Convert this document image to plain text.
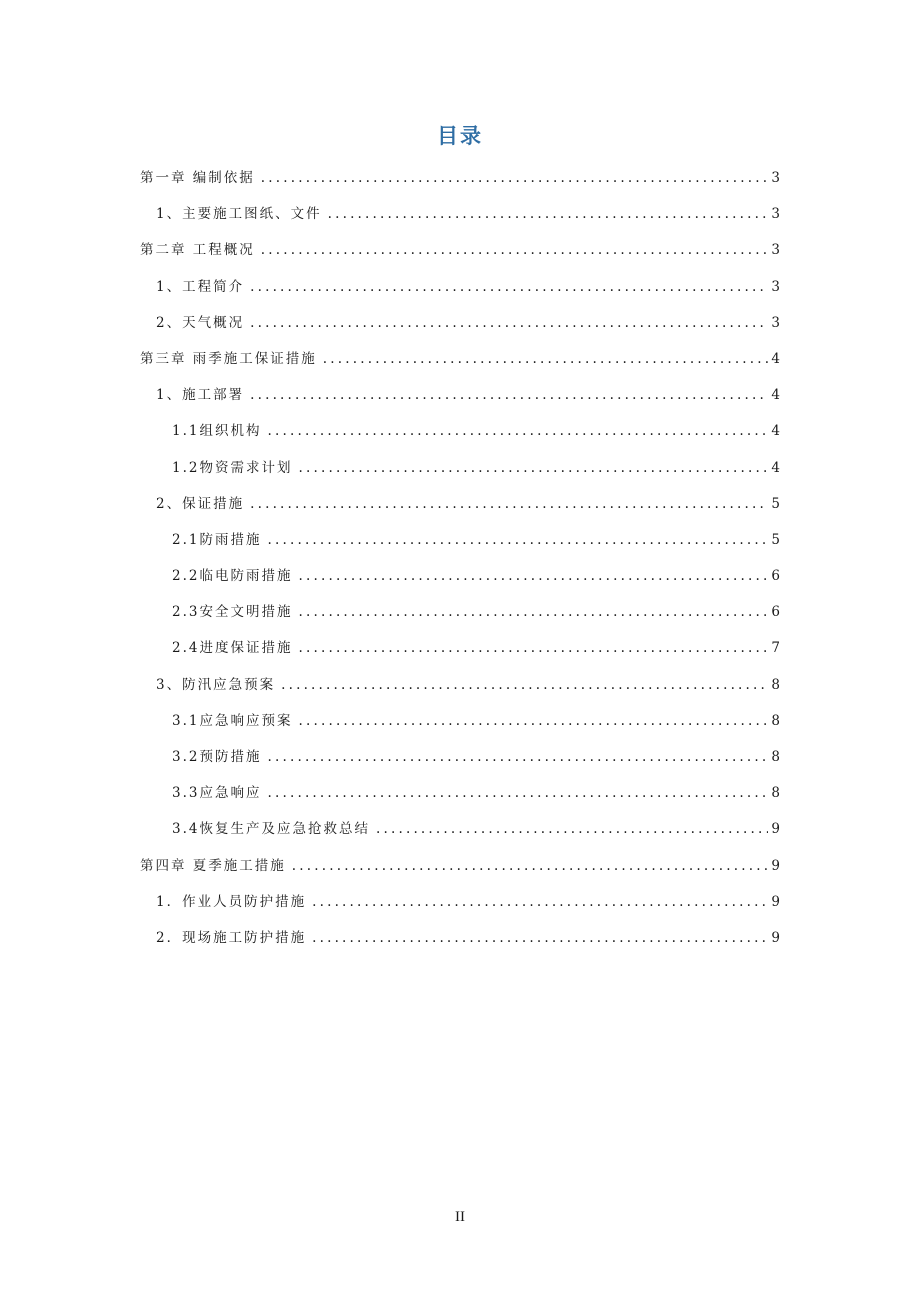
目录
第一章 编制依据 .....	3
1、主要施工图纸、文件 .....	3
第二章 工程概况 .....	3
1、工程简介 .....	3
2、天气概况 .....	3
第三章 雨季施工保证措施 .....	4
1、施工部署 .....	4
1.1组织机构 .....	4
1.2物资需求计划 .....	4
2、保证措施 .....	5
2.1防雨措施 .....	5
2.2临电防雨措施 .....	6
2.3安全文明措施 .....	6
2.4进度保证措施 .....	7
3、防汛应急预案 .....	8
3.1应急响应预案 .....	8
3.2预防措施 .....	8
3.3应急响应 .....	8
3.4恢复生产及应急抢救总结 .....	9
第四章 夏季施工措施 .....	9
1．作业人员防护措施 .....	9
2．现场施工防护措施 .....	9
II
